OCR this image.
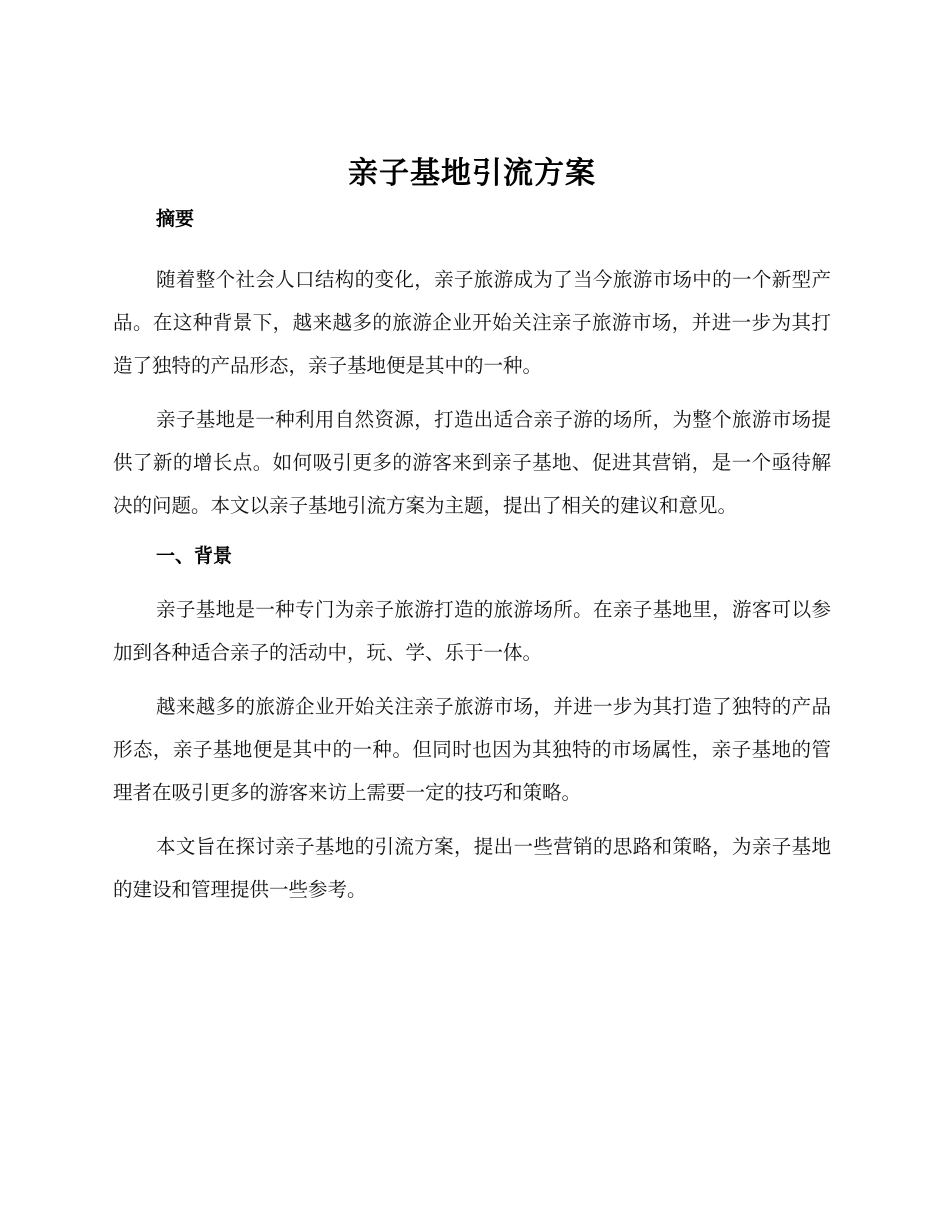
亲子基地引流方案
摘要

随着整个社会人口结构的变化，亲子旅游成为了当今旅游市场中的一个新型产品。在这种背景下，越来越多的旅游企业开始关注亲子旅游市场，并进一步为其打造了独特的产品形态，亲子基地便是其中的一种。

亲子基地是一种利用自然资源，打造出适合亲子游的场所，为整个旅游市场提供了新的增长点。如何吸引更多的游客来到亲子基地、促进其营销，是一个亟待解决的问题。本文以亲子基地引流方案为主题，提出了相关的建议和意见。

一、背景

亲子基地是一种专门为亲子旅游打造的旅游场所。在亲子基地里，游客可以参加到各种适合亲子的活动中，玩、学、乐于一体。

越来越多的旅游企业开始关注亲子旅游市场，并进一步为其打造了独特的产品形态，亲子基地便是其中的一种。但同时也因为其独特的市场属性，亲子基地的管理者在吸引更多的游客来访上需要一定的技巧和策略。

本文旨在探讨亲子基地的引流方案，提出一些营销的思路和策略，为亲子基地的建设和管理提供一些参考。
